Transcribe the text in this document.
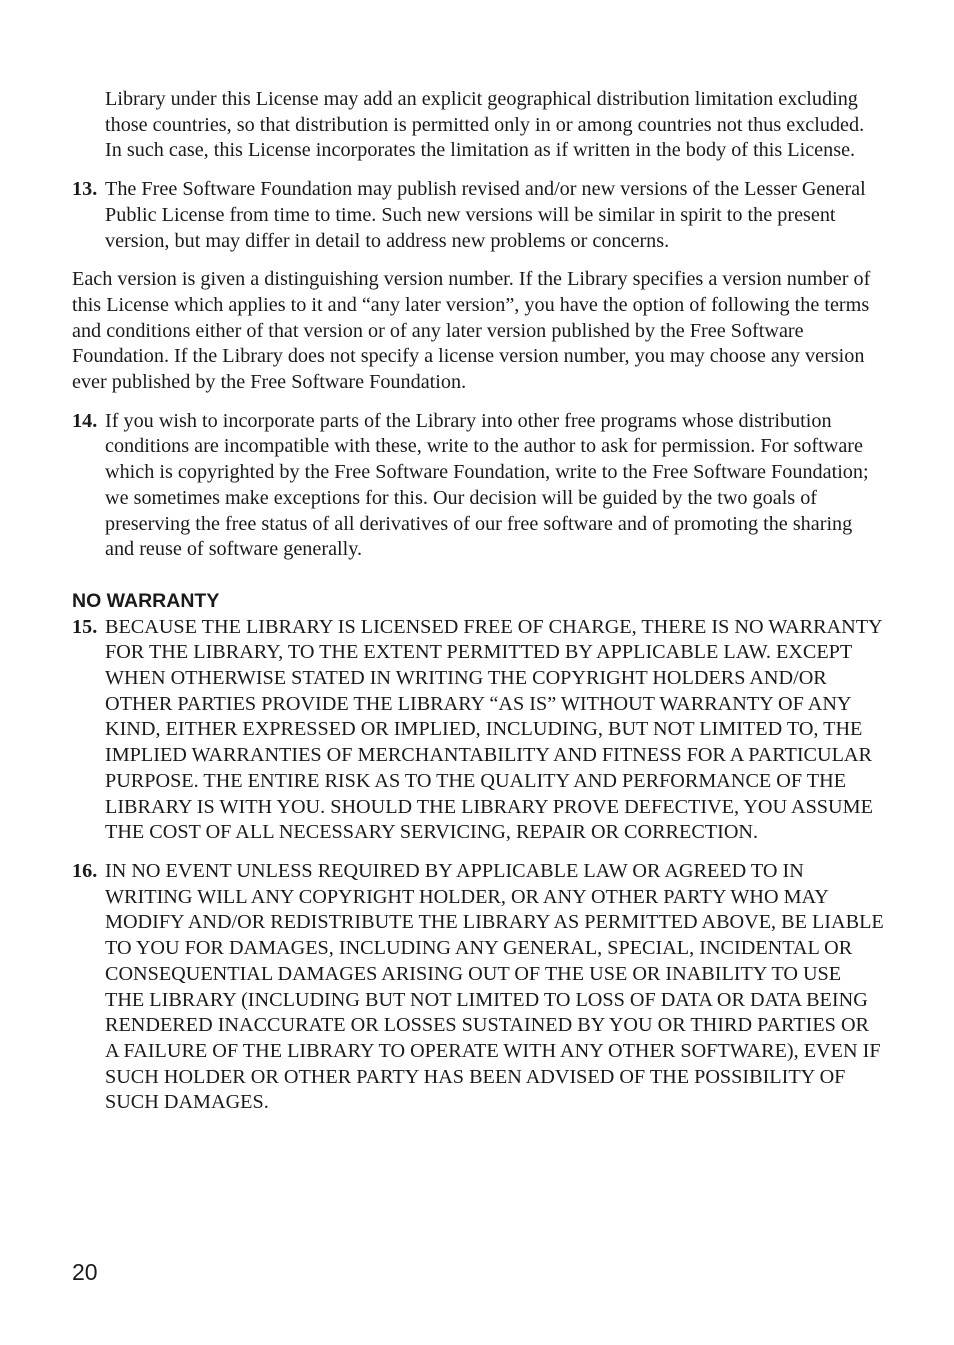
Library under this License may add an explicit geographical distribution limitation excluding those countries, so that distribution is permitted only in or among countries not thus excluded. In such case, this License incorporates the limitation as if written in the body of this License.

13. The Free Software Foundation may publish revised and/or new versions of the Lesser General Public License from time to time. Such new versions will be similar in spirit to the present version, but may differ in detail to address new problems or concerns.

Each version is given a distinguishing version number. If the Library specifies a version number of this License which applies to it and “any later version”, you have the option of following the terms and conditions either of that version or of any later version published by the Free Software Foundation. If the Library does not specify a license version number, you may choose any version ever published by the Free Software Foundation.

14. If you wish to incorporate parts of the Library into other free programs whose distribution conditions are incompatible with these, write to the author to ask for permission. For software which is copyrighted by the Free Software Foundation, write to the Free Software Foundation; we sometimes make exceptions for this. Our decision will be guided by the two goals of preserving the free status of all derivatives of our free software and of promoting the sharing and reuse of software generally.
NO WARRANTY
15. BECAUSE THE LIBRARY IS LICENSED FREE OF CHARGE, THERE IS NO WARRANTY FOR THE LIBRARY, TO THE EXTENT PERMITTED BY APPLICABLE LAW. EXCEPT WHEN OTHERWISE STATED IN WRITING THE COPYRIGHT HOLDERS AND/OR OTHER PARTIES PROVIDE THE LIBRARY “AS IS” WITHOUT WARRANTY OF ANY KIND, EITHER EXPRESSED OR IMPLIED, INCLUDING, BUT NOT LIMITED TO, THE IMPLIED WARRANTIES OF MERCHANTABILITY AND FITNESS FOR A PARTICULAR PURPOSE. THE ENTIRE RISK AS TO THE QUALITY AND PERFORMANCE OF THE LIBRARY IS WITH YOU. SHOULD THE LIBRARY PROVE DEFECTIVE, YOU ASSUME THE COST OF ALL NECESSARY SERVICING, REPAIR OR CORRECTION.
16. IN NO EVENT UNLESS REQUIRED BY APPLICABLE LAW OR AGREED TO IN WRITING WILL ANY COPYRIGHT HOLDER, OR ANY OTHER PARTY WHO MAY MODIFY AND/OR REDISTRIBUTE THE LIBRARY AS PERMITTED ABOVE, BE LIABLE TO YOU FOR DAMAGES, INCLUDING ANY GENERAL, SPECIAL, INCIDENTAL OR CONSEQUENTIAL DAMAGES ARISING OUT OF THE USE OR INABILITY TO USE THE LIBRARY (INCLUDING BUT NOT LIMITED TO LOSS OF DATA OR DATA BEING RENDERED INACCURATE OR LOSSES SUSTAINED BY YOU OR THIRD PARTIES OR A FAILURE OF THE LIBRARY TO OPERATE WITH ANY OTHER SOFTWARE), EVEN IF SUCH HOLDER OR OTHER PARTY HAS BEEN ADVISED OF THE POSSIBILITY OF SUCH DAMAGES.
20
